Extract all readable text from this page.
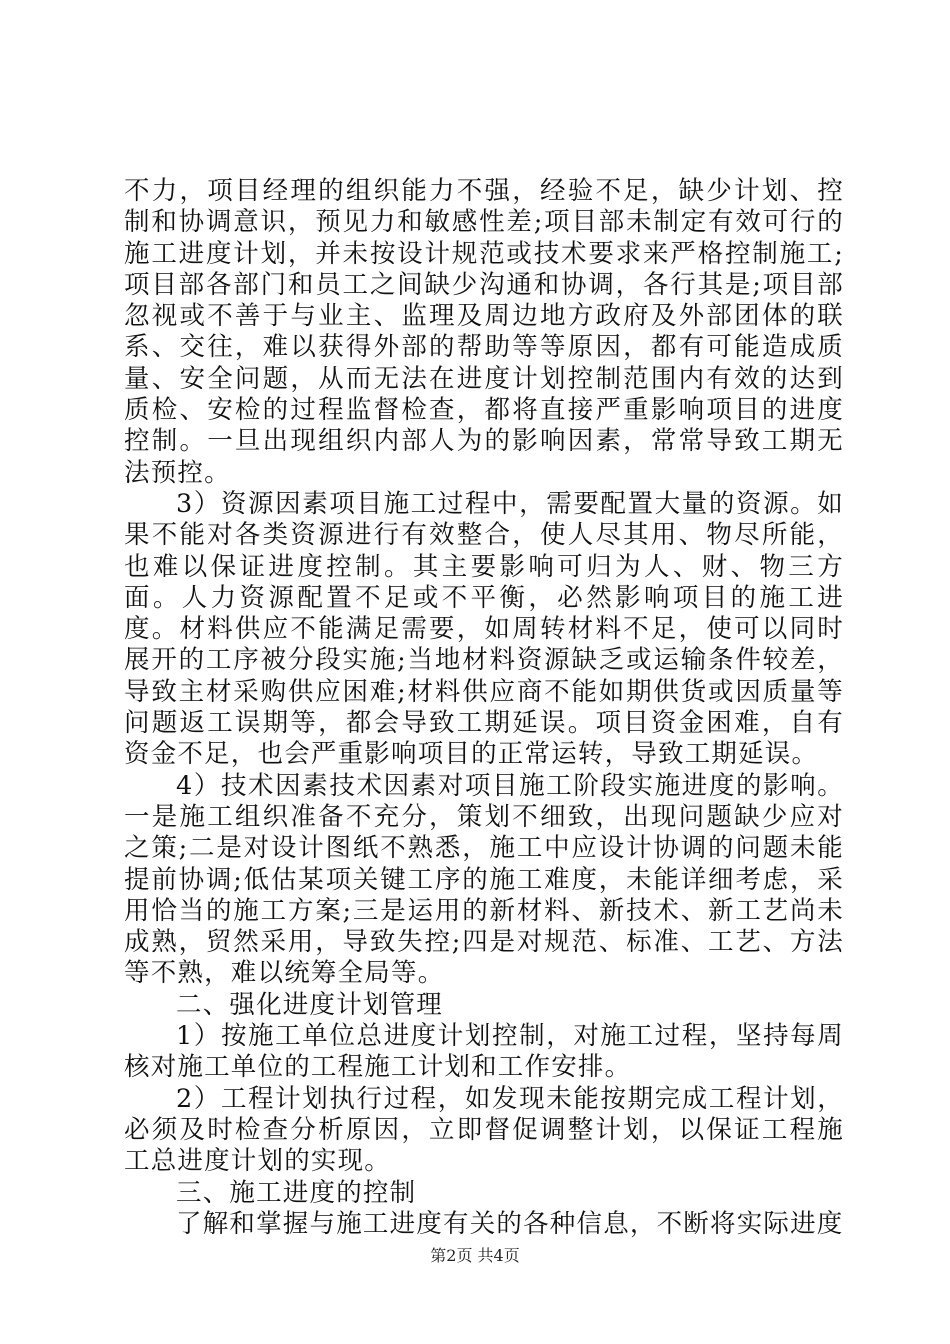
不力，项目经理的组织能力不强，经验不足，缺少计划、控制和协调意识，预见力和敏感性差;项目部未制定有效可行的施工进度计划，并未按设计规范或技术要求来严格控制施工;项目部各部门和员工之间缺少沟通和协调，各行其是;项目部忽视或不善于与业主、监理及周边地方政府及外部团体的联系、交往，难以获得外部的帮助等等原因，都有可能造成质量、安全问题，从而无法在进度计划控制范围内有效的达到质检、安检的过程监督检查，都将直接严重影响项目的进度控制。一旦出现组织内部人为的影响因素，常常导致工期无法预控。

3）资源因素项目施工过程中，需要配置大量的资源。如果不能对各类资源进行有效整合，使人尽其用、物尽所能，也难以保证进度控制。其主要影响可归为人、财、物三方面。人力资源配置不足或不平衡，必然影响项目的施工进度。材料供应不能满足需要，如周转材料不足，使可以同时展开的工序被分段实施;当地材料资源缺乏或运输条件较差，导致主材采购供应困难;材料供应商不能如期供货或因质量等问题返工误期等，都会导致工期延误。项目资金困难，自有资金不足，也会严重影响项目的正常运转，导致工期延误。

4）技术因素技术因素对项目施工阶段实施进度的影响。一是施工组织准备不充分，策划不细致，出现问题缺少应对之策;二是对设计图纸不熟悉，施工中应设计协调的问题未能提前协调;低估某项关键工序的施工难度，未能详细考虑，采用恰当的施工方案;三是运用的新材料、新技术、新工艺尚未成熟，贸然采用，导致失控;四是对规范、标准、工艺、方法等不熟，难以统筹全局等。

二、强化进度计划管理

1）按施工单位总进度计划控制，对施工过程，坚持每周核对施工单位的工程施工计划和工作安排。

2）工程计划执行过程，如发现未能按期完成工程计划，必须及时检查分析原因，立即督促调整计划，以保证工程施工总进度计划的实现。

三、施工进度的控制

了解和掌握与施工进度有关的各种信息，不断将实际进度

第2页 共4页
